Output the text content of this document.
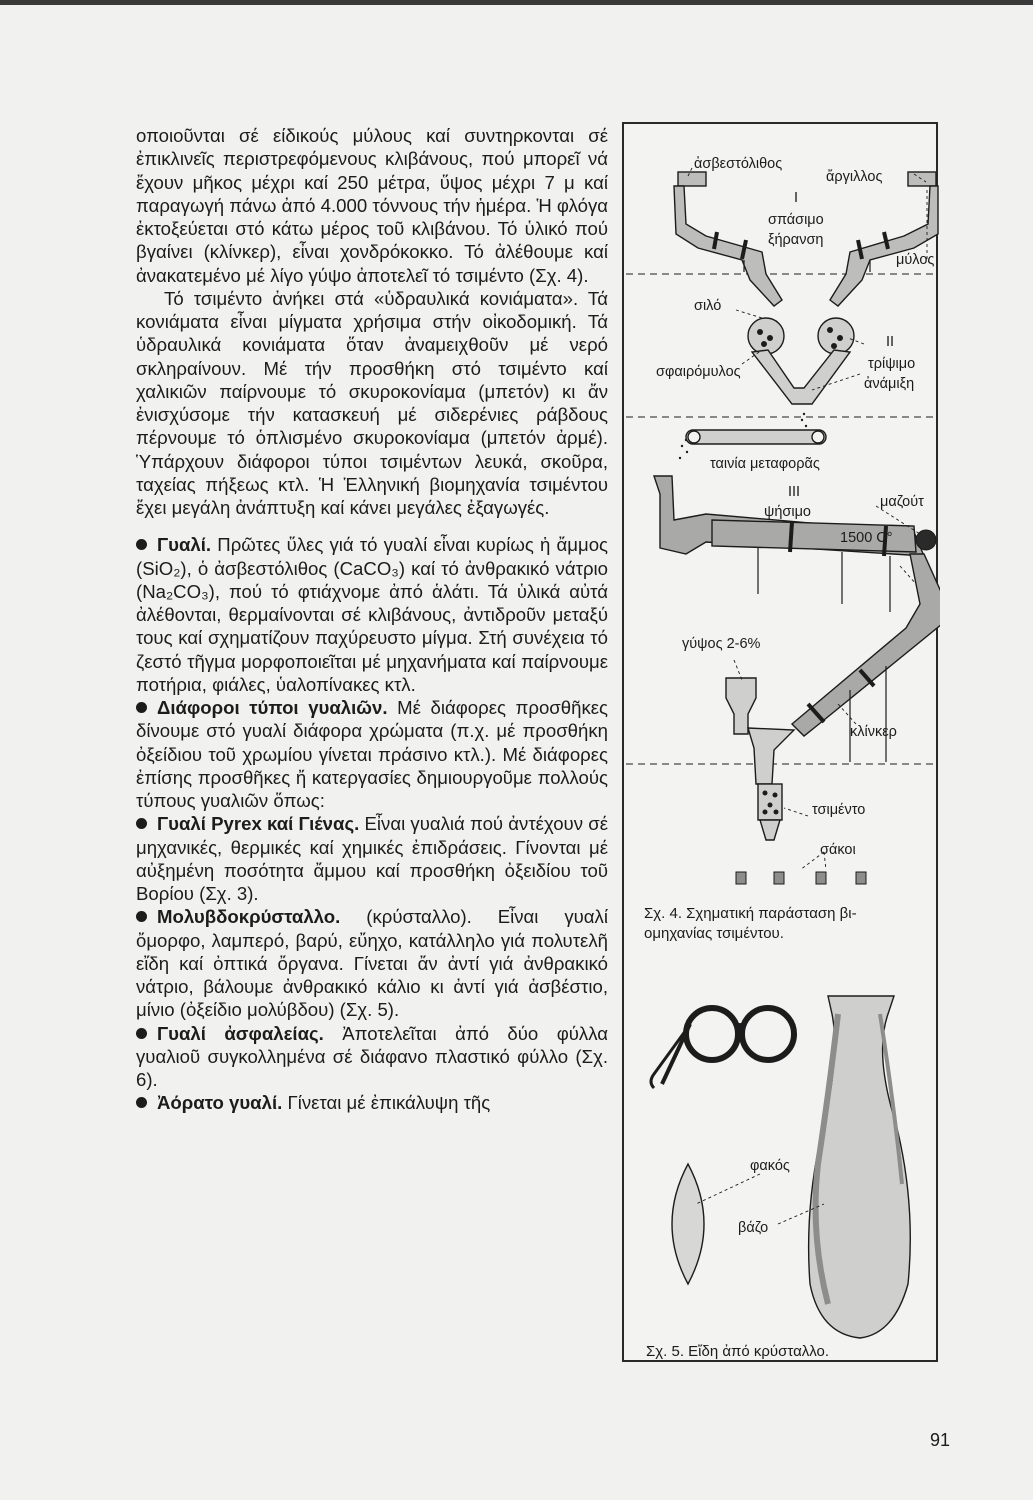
οποιοῦνται σέ είδικούς μύλους καί συντηρκονται σέ ἐπικλινεῖς περιστρεφόμενους κλιβάνους, πού μπορεῖ νά ἔχουν μῆκος μέχρι καί 250 μέτρα, ὕψος μέχρι 7 μ καί παραγωγή πάνω ἀπό 4.000 τόννους τήν ἡμέρα. Ἡ φλόγα ἐκτοξεύεται στό κάτω μέρος τοῦ κλιβάνου. Τό ὑλικό πού βγαίνει (κλίνκερ), εἶναι χονδρόκοκκο. Τό ἀλέθουμε καί ἀνακατεμένο μέ λίγο γύψο ἀποτελεῖ τό τσιμέντο (Σχ. 4).

Τό τσιμέντο ἀνήκει στά «ὑδραυλικά κονιάματα». Τά κονιάματα εἶναι μίγματα χρήσιμα στήν οἰκοδομική. Τά ὑδραυλικά κονιάματα ὅταν ἀναμειχθοῦν μέ νερό σκληραίνουν. Μέ τήν προσθήκη στό τσιμέντο καί χαλικιῶν παίρνουμε τό σκυροκονίαμα (μπετόν) κι ἄν ἐνισχύσομε τήν κατασκευή μέ σιδερένιες ράβδους πέρνουμε τό ὁπλισμένο σκυροκονίαμα (μπετόν ἀρμέ). Ὑπάρχουν διάφοροι τύποι τσιμέντων λευκά, σκοῦρα, ταχείας πήξεως κτλ. Ἡ Ἑλληνική βιομηχανία τσιμέντου ἔχει μεγάλη ἀνάπτυξη καί κάνει μεγάλες ἐξαγωγές.

Γυαλί. Πρῶτες ὕλες γιά τό γυαλί εἶναι κυρίως ἡ ἄμμος (SiO₂), ὁ ἀσβεστόλιθος (CaCO₃) καί τό ἀνθρακικό νάτριο (Na₂CO₃), πού τό φτιάχνομε ἀπό ἁλάτι. Τά ὑλικά αὐτά ἀλέθονται, θερμαίνονται σέ κλιβάνους, ἀντιδροῦν μεταξύ τους καί σχηματίζουν παχύρευστο μίγμα. Στή συνέχεια τό ζεστό τῆγμα μορφοποιεῖται μέ μηχανήματα καί παίρνουμε ποτήρια, φιάλες, ὑαλοπίνακες κτλ.

Διάφοροι τύποι γυαλιῶν. Μέ διάφορες προσθῆκες δίνουμε στό γυαλί διάφορα χρώματα (π.χ. μέ προσθήκη ὀξείδιου τοῦ χρωμίου γίνεται πράσινο κτλ.). Μέ διάφορες ἐπίσης προσθῆκες ἤ κατεργασίες δημιουργοῦμε πολλούς τύπους γυαλιῶν ὅπως:

Γυαλί Pyrex καί Γιένας. Εἶναι γυαλιά πού ἀντέχουν σέ μηχανικές, θερμικές καί χημικές ἐπιδράσεις. Γίνονται μέ αὐξημένη ποσότητα ἄμμου καί προσθήκη ὀξειδίου τοῦ Βορίου (Σχ. 3).

Μολυβδοκρύσταλλο. (κρύσταλλο). Εἶναι γυαλί ὄμορφο, λαμπερό, βαρύ, εὔηχο, κατάλληλο γιά πολυτελῆ εἴδη καί ὀπτικά ὄργανα. Γίνεται ἄν ἀντί γιά ἀνθρακικό νάτριο, βάλουμε ἀνθρακικό κάλιο κι ἀντί γιά ἀσβέστιο, μίνιο (ὀξείδιο μολύβδου) (Σχ. 5).

Γυαλί ἀσφαλείας. Ἀποτελεῖται ἀπό δύο φύλλα γυαλιοῦ συγκολλημένα σέ διάφανο πλαστικό φύλλο (Σχ. 6).

Ἀόρατο γυαλί. Γίνεται μέ ἐπικάλυψη τῆς

ἀσβεστόλιθος
ἄργιλλος
I
σπάσιμο
ξήρανση
μύλος
σιλό
II
τρίψιμο
ἀνάμιξη
σφαιρόμυλος
ταινία μεταφορᾶς
III
ψήσιμο
μαζούτ
1500 C°
γύψος 2-6%
κλίνκερ
τσιμέντο
σάκοι
Σχ. 4. Σχηματική παράσταση βι-
ομηχανίας τσιμέντου.
φακός
βάζο
Σχ. 5. Εἴδη ἀπό κρύσταλλο.
91
